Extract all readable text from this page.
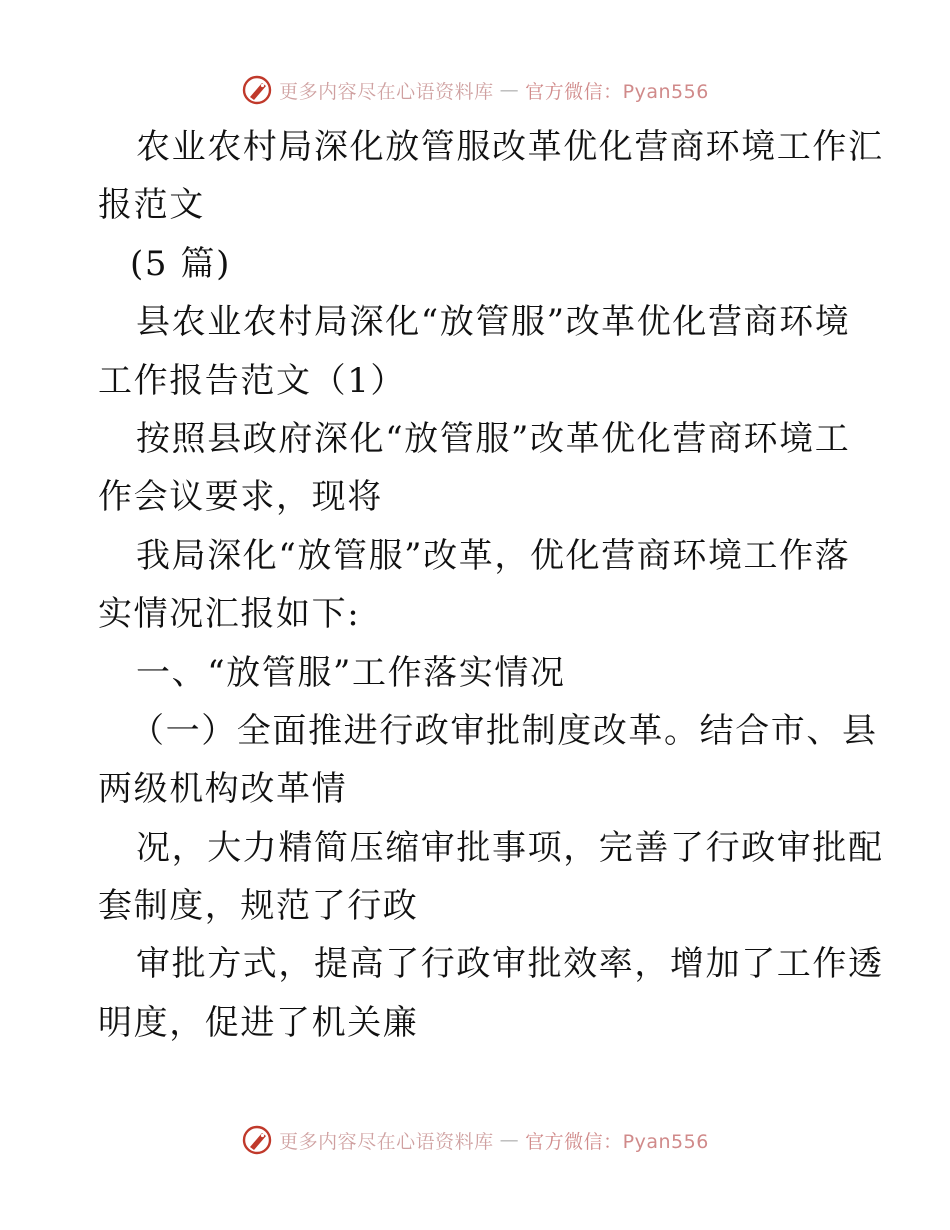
更多内容尽在心语资料库 — 官方微信：Pyan556
农业农村局深化放管服改革优化营商环境工作汇
报范文
(5 篇)
县农业农村局深化“放管服”改革优化营商环境
工作报告范文（1）
按照县政府深化“放管服”改革优化营商环境工
作会议要求，现将
我局深化“放管服”改革，优化营商环境工作落
实情况汇报如下:
一、“放管服”工作落实情况
（一）全面推进行政审批制度改革。结合市、县
两级机构改革情
况，大力精简压缩审批事项，完善了行政审批配
套制度，规范了行政
审批方式，提高了行政审批效率，增加了工作透
明度，促进了机关廉
更多内容尽在心语资料库 — 官方微信：Pyan556
